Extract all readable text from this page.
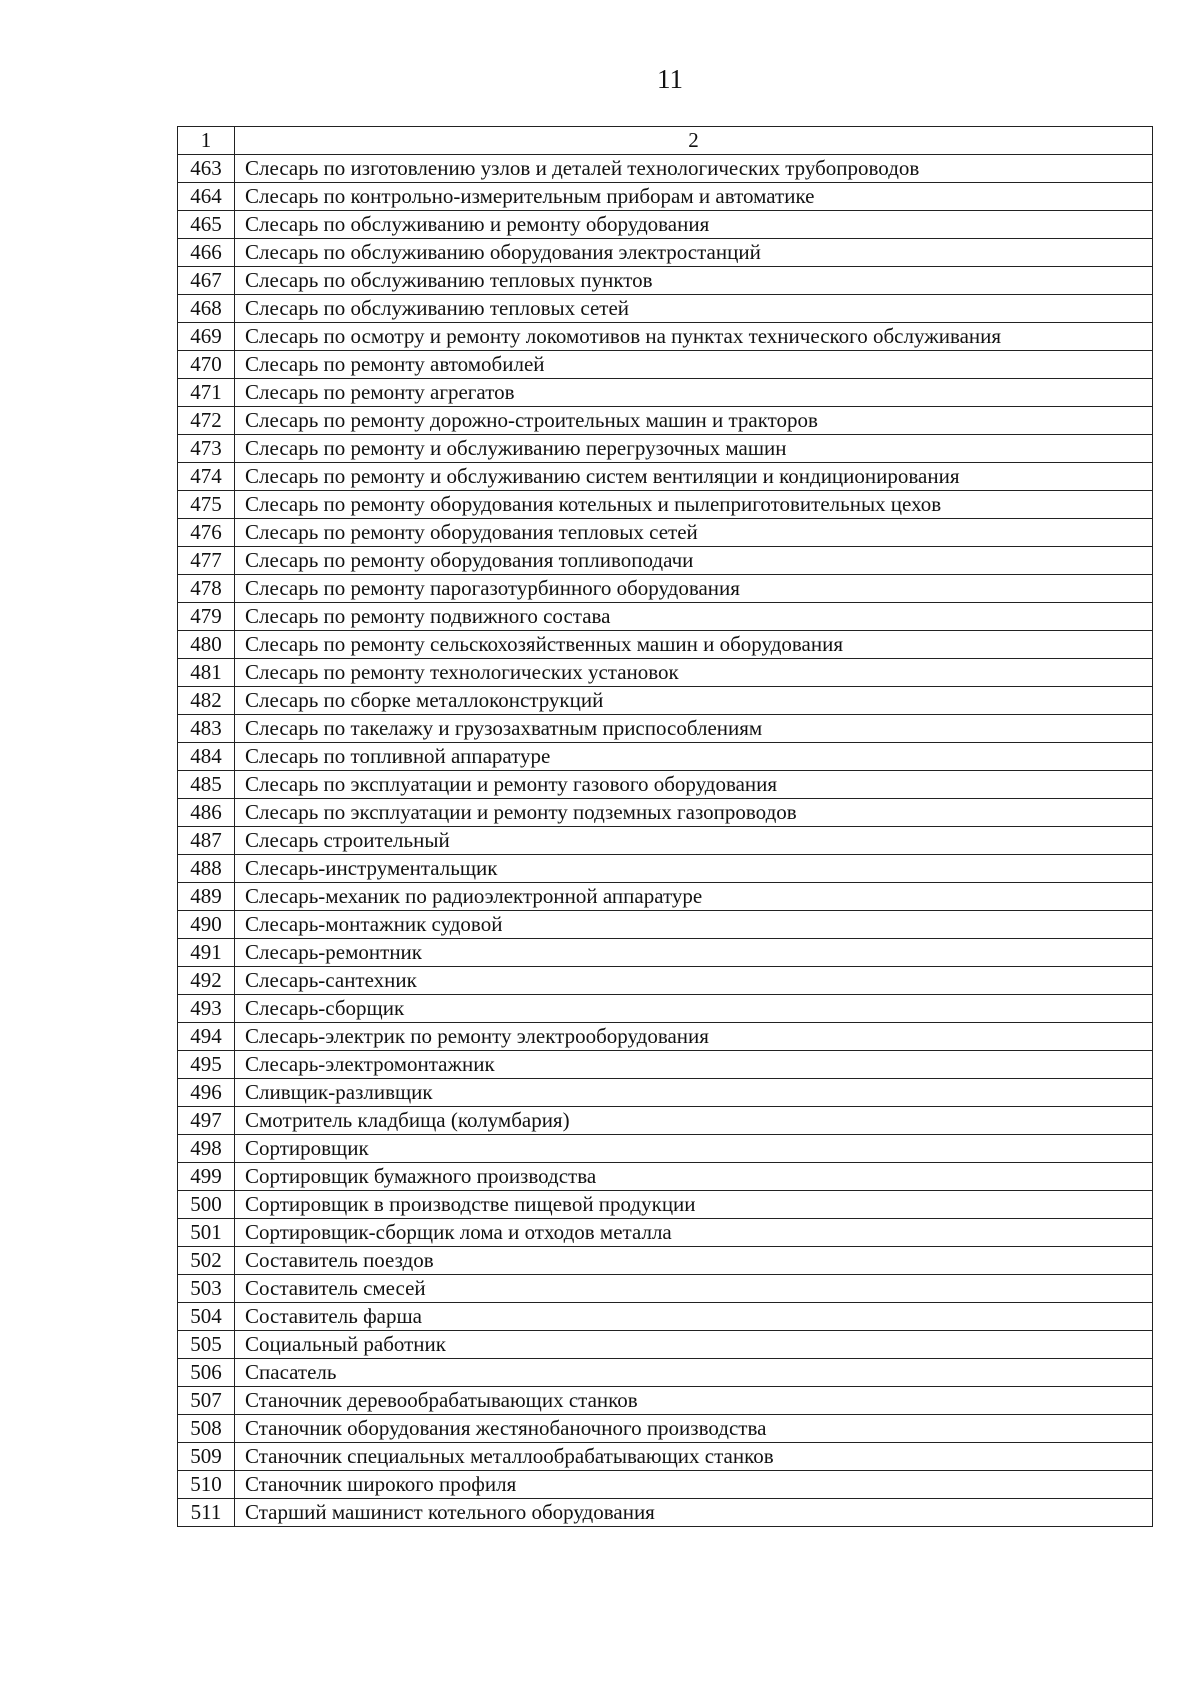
11
1	2
463	Слесарь по изготовлению узлов и деталей технологических трубопроводов
464	Слесарь по контрольно-измерительным приборам и автоматике
465	Слесарь по обслуживанию и ремонту оборудования
466	Слесарь по обслуживанию оборудования электростанций
467	Слесарь по обслуживанию тепловых пунктов
468	Слесарь по обслуживанию тепловых сетей
469	Слесарь по осмотру и ремонту локомотивов на пунктах технического обслуживания
470	Слесарь по ремонту автомобилей
471	Слесарь по ремонту агрегатов
472	Слесарь по ремонту дорожно-строительных машин и тракторов
473	Слесарь по ремонту и обслуживанию перегрузочных машин
474	Слесарь по ремонту и обслуживанию систем вентиляции и кондиционирования
475	Слесарь по ремонту оборудования котельных и пылеприготовительных цехов
476	Слесарь по ремонту оборудования тепловых сетей
477	Слесарь по ремонту оборудования топливоподачи
478	Слесарь по ремонту парогазотурбинного оборудования
479	Слесарь по ремонту подвижного состава
480	Слесарь по ремонту сельскохозяйственных машин и оборудования
481	Слесарь по ремонту технологических установок
482	Слесарь по сборке металлоконструкций
483	Слесарь по такелажу и грузозахватным приспособлениям
484	Слесарь по топливной аппаратуре
485	Слесарь по эксплуатации и ремонту газового оборудования
486	Слесарь по эксплуатации и ремонту подземных газопроводов
487	Слесарь строительный
488	Слесарь-инструментальщик
489	Слесарь-механик по радиоэлектронной аппаратуре
490	Слесарь-монтажник судовой
491	Слесарь-ремонтник
492	Слесарь-сантехник
493	Слесарь-сборщик
494	Слесарь-электрик по ремонту электрооборудования
495	Слесарь-электромонтажник
496	Сливщик-разливщик
497	Смотритель кладбища (колумбария)
498	Сортировщик
499	Сортировщик бумажного производства
500	Сортировщик в производстве пищевой продукции
501	Сортировщик-сборщик лома и отходов металла
502	Составитель поездов
503	Составитель смесей
504	Составитель фарша
505	Социальный работник
506	Спасатель
507	Станочник деревообрабатывающих станков
508	Станочник оборудования жестянобаночного производства
509	Станочник специальных металлообрабатывающих станков
510	Станочник широкого профиля
511	Старший машинист котельного оборудования
